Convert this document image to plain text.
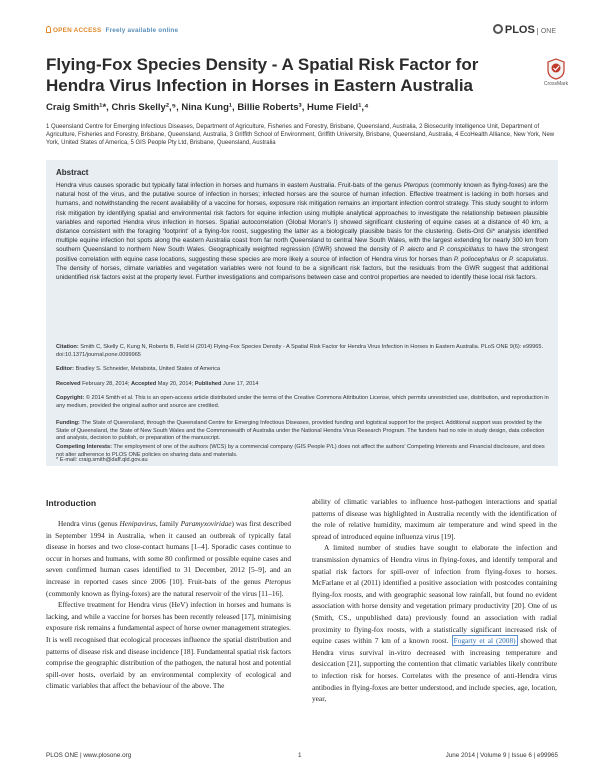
OPEN ACCESS Freely available online	PLOS ONE
Flying-Fox Species Density - A Spatial Risk Factor for Hendra Virus Infection in Horses in Eastern Australia	CrossMark
Craig Smith¹*, Chris Skelly²,⁵, Nina Kung¹, Billie Roberts³, Hume Field¹,⁴
1 Queensland Centre for Emerging Infectious Diseases, Department of Agriculture, Fisheries and Forestry, Brisbane, Queensland, Australia, 2 Biosecurity Intelligence Unit, Department of Agriculture, Fisheries and Forestry, Brisbane, Queensland, Australia, 3 Griffith School of Environment, Griffith University, Brisbane, Queensland, Australia, 4 EcoHealth Alliance, New York, New York, United States of America, 5 GIS People Pty Ltd, Brisbane, Queensland, Australia
Abstract
Hendra virus causes sporadic but typically fatal infection in horses and humans in eastern Australia. Fruit-bats of the genus Pteropus (commonly known as flying-foxes) are the natural host of the virus, and the putative source of infection in horses; infected horses are the source of human infection. Effective treatment is lacking in both horses and humans, and notwithstanding the recent availability of a vaccine for horses, exposure risk mitigation remains an important infection control strategy. This study sought to inform risk mitigation by identifying spatial and environmental risk factors for equine infection using multiple analytical approaches to investigate the relationship between plausible variables and reported Hendra virus infection in horses. Spatial autocorrelation (Global Moran's I) showed significant clustering of equine cases at a distance of 40 km, a distance consistent with the foraging ‘footprint’ of a flying-fox roost, suggesting the latter as a biologically plausible basis for the clustering. Getis-Ord Gi* analysis identified multiple equine infection hot spots along the eastern Australia coast from far north Queensland to central New South Wales, with the largest extending for nearly 300 km from southern Queensland to northern New South Wales. Geographically weighted regression (GWR) showed the density of P. alecto and P. conspicillatus to have the strongest positive correlation with equine case locations, suggesting these species are more likely a source of infection of Hendra virus for horses than P. poliocephalus or P. scapulatus. The density of horses, climate variables and vegetation variables were not found to be a significant risk factors, but the residuals from the GWR suggest that additional unidentified risk factors exist at the property level. Further investigations and comparisons between case and control properties are needed to identify these local risk factors.
Citation: Smith C, Skelly C, Kung N, Roberts B, Field H (2014) Flying-Fox Species Density - A Spatial Risk Factor for Hendra Virus Infection in Horses in Eastern Australia. PLoS ONE 9(6): e99965. doi:10.1371/journal.pone.0099965
Editor: Bradley S. Schneider, Metabiota, United States of America
Received February 28, 2014; Accepted May 20, 2014; Published June 17, 2014
Copyright: © 2014 Smith et al. This is an open-access article distributed under the terms of the Creative Commons Attribution License, which permits unrestricted use, distribution, and reproduction in any medium, provided the original author and source are credited.
Funding: The State of Queensland, through the Queensland Centre for Emerging Infectious Diseases, provided funding and logistical support for the project. Additional support was provided by the State of Queensland, the State of New South Wales and the Commonwealth of Australia under the National Hendra Virus Research Program. The funders had no role in study design, data collection and analysis, decision to publish, or preparation of the manuscript.
Competing Interests: The employment of one of the authors (WCS) by a commercial company (GIS People P/L) does not affect the authors' Competing Interests and Financial disclosure, and does not alter adherence to PLOS ONE policies on sharing data and materials.
* E-mail: craig.smith@daff.qld.gov.au
Introduction

Hendra virus (genus Henipavirus, family Paramyxoviridae) was first described in September 1994 in Australia, when it caused an outbreak of typically fatal disease in horses and two close-contact humans [1–4]. Sporadic cases continue to occur in horses and humans, with some 80 confirmed or possible equine cases and seven confirmed human cases identified to 31 December, 2012 [5–9], and an increase in reported cases since 2006 [10]. Fruit-bats of the genus Pteropus (commonly known as flying-foxes) are the natural reservoir of the virus [11–16].

Effective treatment for Hendra virus (HeV) infection in horses and humans is lacking, and while a vaccine for horses has been recently released [17], minimising exposure risk remains a fundamental aspect of horse owner management strategies. It is well recognised that ecological processes influence the spatial distribution and patterns of disease risk and disease incidence [18]. Fundamental spatial risk factors comprise the geographic distribution of the pathogen, the natural host and potential spill-over hosts, overlaid by an environmental complexity of ecological and climatic variables that affect the behaviour of the above. The

ability of climatic variables to influence host-pathogen interactions and spatial patterns of disease was highlighted in Australia recently with the identification of the role of relative humidity, maximum air temperature and wind speed in the spread of introduced equine influenza virus [19].

A limited number of studies have sought to elaborate the infection and transmission dynamics of Hendra virus in flying-foxes, and identify temporal and spatial risk factors for spill-over of infection from flying-foxes to horses. McFarlane et al (2011) identified a positive association with postcodes containing flying-fox roosts, and with geographic seasonal low rainfall, but found no evident association with horse density and vegetation primary productivity [20]. One of us (Smith, CS., unpublished data) previously found an association with radial proximity to flying-fox roosts, with a statistically significant increased risk of equine cases within 7 km of a known roost. Fogarty et al (2008) showed that Hendra virus survival in-vitro decreased with increasing temperature and desiccation [21], supporting the contention that climatic variables likely contribute to infection risk for horses. Correlates with the presence of anti-Hendra virus antibodies in flying-foxes are better understood, and include species, age, location, year,

PLOS ONE | www.plosone.org	1	June 2014 | Volume 9 | Issue 6 | e99965
